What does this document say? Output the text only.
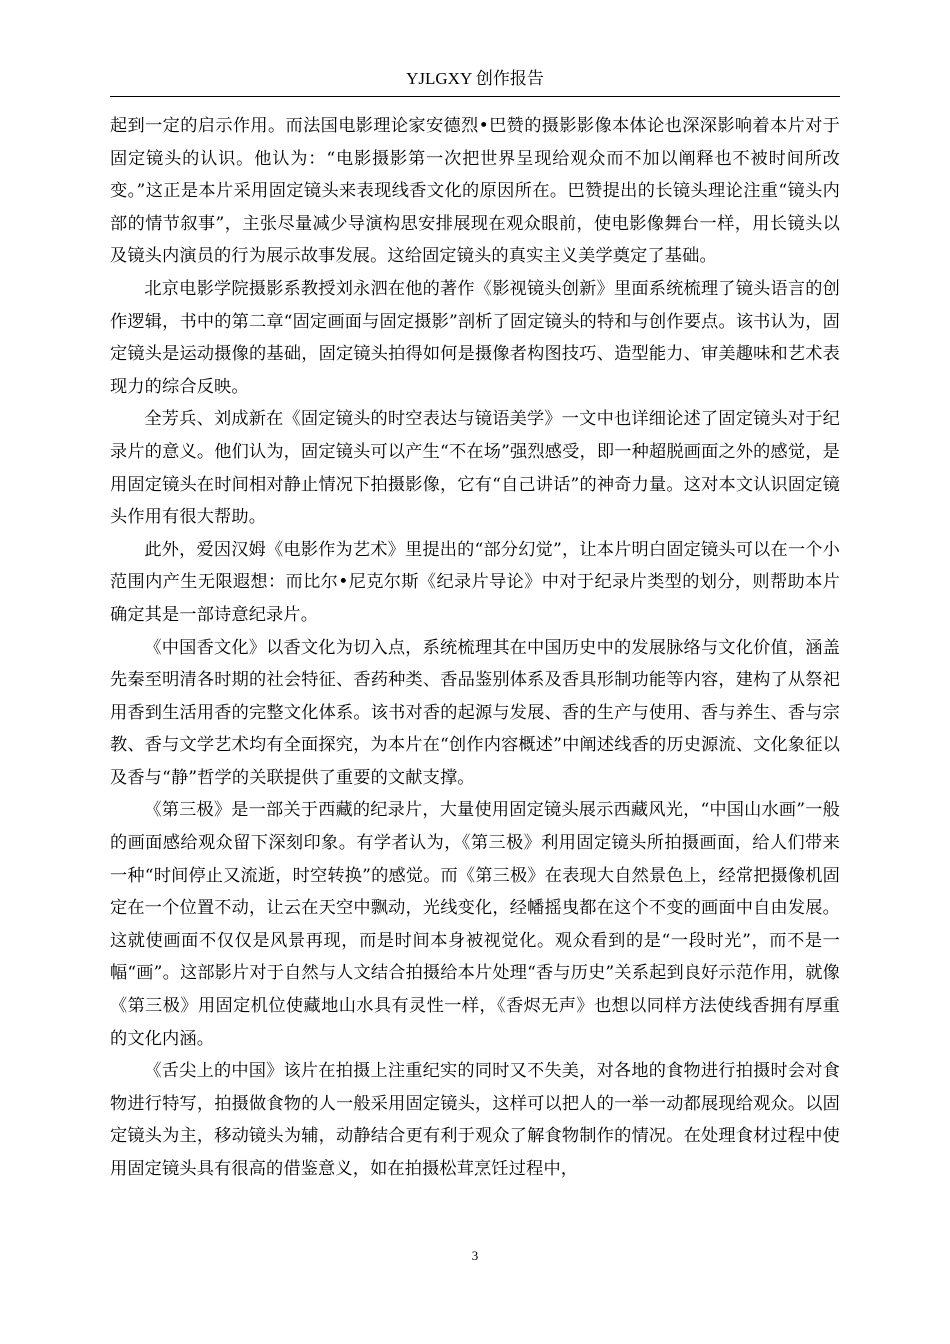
YJLGXY 创作报告

起到一定的启示作用。而法国电影理论家安德烈•巴赞的摄影影像本体论也深深影响着本片对于固定镜头的认识。他认为：“电影摄影第一次把世界呈现给观众而不加以阐释也不被时间所改变。”这正是本片采用固定镜头来表现线香文化的原因所在。巴赞提出的长镜头理论注重“镜头内部的情节叙事”，主张尽量减少导演构思安排展现在观众眼前，使电影像舞台一样，用长镜头以及镜头内演员的行为展示故事发展。这给固定镜头的真实主义美学奠定了基础。

北京电影学院摄影系教授刘永泗在他的著作《影视镜头创新》里面系统梳理了镜头语言的创作逻辑，书中的第二章“固定画面与固定摄影”剖析了固定镜头的特和与创作要点。该书认为，固定镜头是运动摄像的基础，固定镜头拍得如何是摄像者构图技巧、造型能力、审美趣味和艺术表现力的综合反映。

全芳兵、刘成新在《固定镜头的时空表达与镜语美学》一文中也详细论述了固定镜头对于纪录片的意义。他们认为，固定镜头可以产生“不在场”强烈感受，即一种超脱画面之外的感觉，是用固定镜头在时间相对静止情况下拍摄影像，它有“自己讲话”的神奇力量。这对本文认识固定镜头作用有很大帮助。

此外，爱因汉姆《电影作为艺术》里提出的“部分幻觉”，让本片明白固定镜头可以在一个小范围内产生无限遐想：而比尔•尼克尔斯《纪录片导论》中对于纪录片类型的划分，则帮助本片确定其是一部诗意纪录片。

《中国香文化》以香文化为切入点，系统梳理其在中国历史中的发展脉络与文化价值，涵盖先秦至明清各时期的社会特征、香药种类、香品鉴别体系及香具形制功能等内容，建构了从祭祀用香到生活用香的完整文化体系。该书对香的起源与发展、香的生产与使用、香与养生、香与宗教、香与文学艺术均有全面探究，为本片在“创作内容概述”中阐述线香的历史源流、文化象征以及香与“静”哲学的关联提供了重要的文献支撑。

《第三极》是一部关于西藏的纪录片，大量使用固定镜头展示西藏风光，“中国山水画”一般的画面感给观众留下深刻印象。有学者认为，《第三极》利用固定镜头所拍摄画面，给人们带来一种“时间停止又流逝，时空转换”的感觉。而《第三极》在表现大自然景色上，经常把摄像机固定在一个位置不动，让云在天空中飘动，光线变化，经幡摇曳都在这个不变的画面中自由发展。这就使画面不仅仅是风景再现，而是时间本身被视觉化。观众看到的是“一段时光”，而不是一幅“画”。这部影片对于自然与人文结合拍摄给本片处理“香与历史”关系起到良好示范作用，就像《第三极》用固定机位使藏地山水具有灵性一样，《香烬无声》也想以同样方法使线香拥有厚重的文化内涵。

《舌尖上的中国》该片在拍摄上注重纪实的同时又不失美，对各地的食物进行拍摄时会对食物进行特写，拍摄做食物的人一般采用固定镜头，这样可以把人的一举一动都展现给观众。以固定镜头为主，移动镜头为辅，动静结合更有利于观众了解食物制作的情况。在处理食材过程中使用固定镜头具有很高的借鉴意义，如在拍摄松茸烹饪过程中，

3
